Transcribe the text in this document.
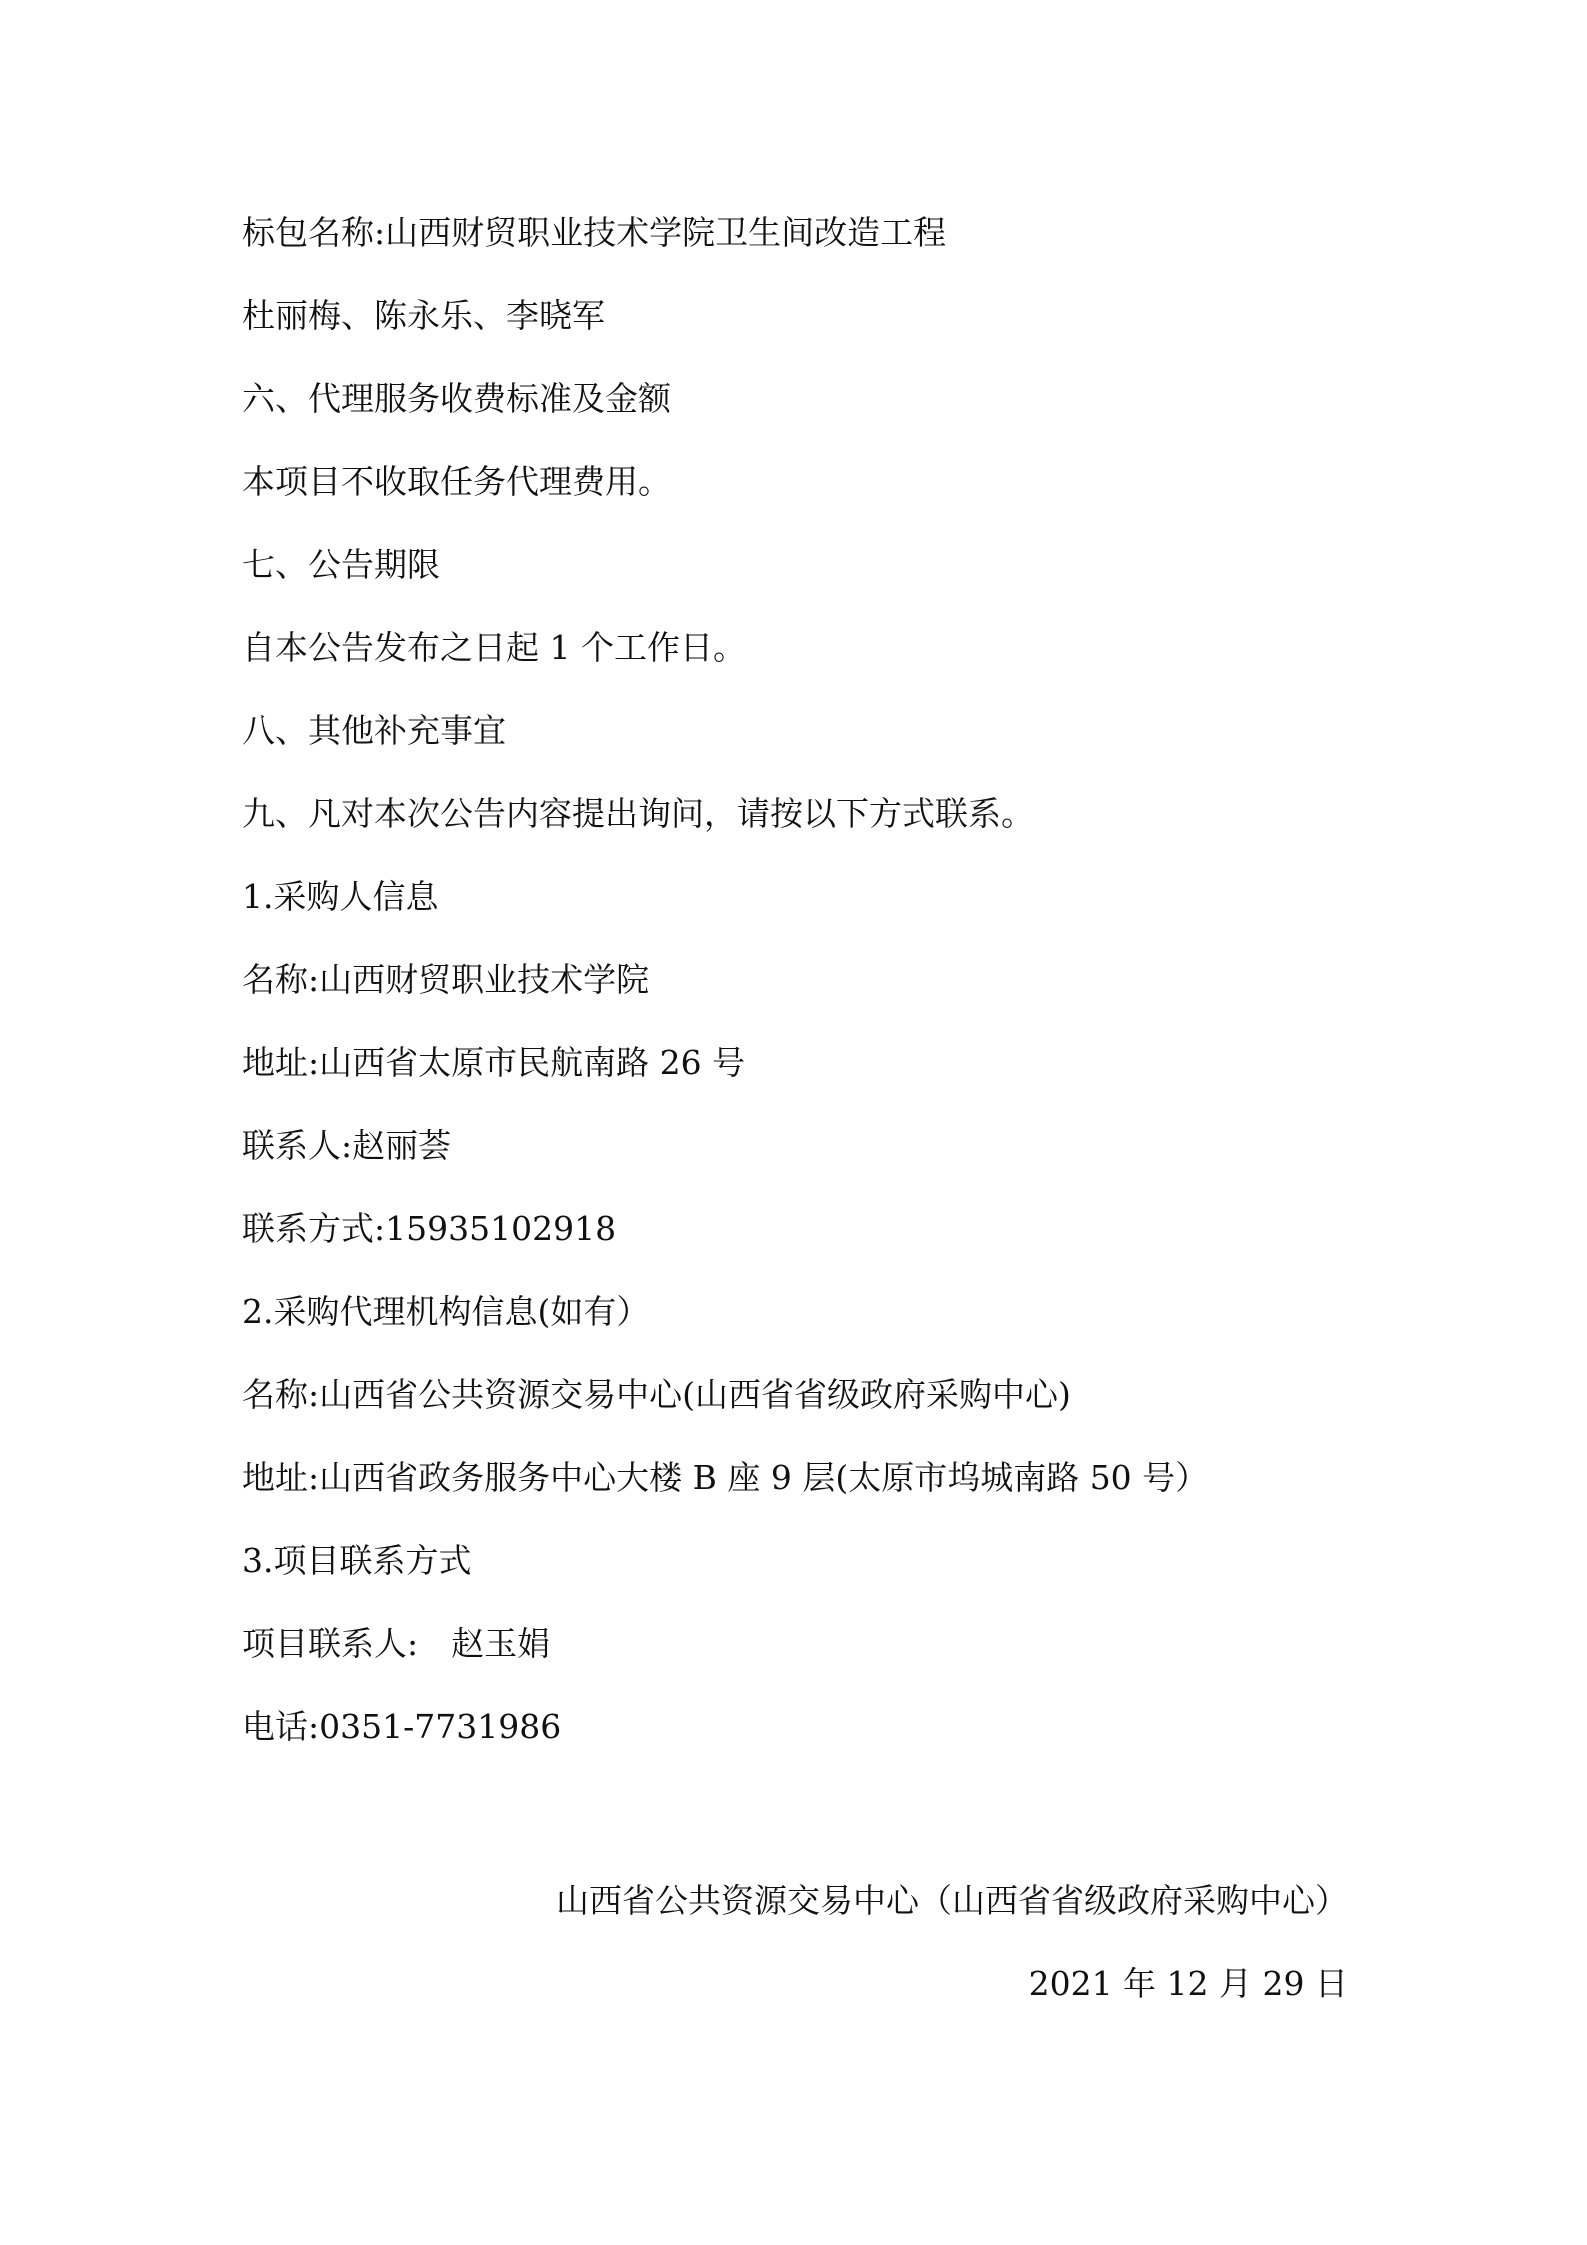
标包名称:山西财贸职业技术学院卫生间改造工程
杜丽梅、陈永乐、李晓军
六、代理服务收费标准及金额
本项目不收取任务代理费用。
七、公告期限
自本公告发布之日起 1 个工作日。
八、其他补充事宜
九、凡对本次公告内容提出询问，请按以下方式联系。
1.采购人信息
名称:山西财贸职业技术学院
地址:山西省太原市民航南路 26 号
联系人:赵丽荟
联系方式:15935102918
2.采购代理机构信息(如有）
名称:山西省公共资源交易中心(山西省省级政府采购中心)
地址:山西省政务服务中心大楼 B 座 9 层(太原市坞城南路 50 号）
3.项目联系方式
项目联系人:　赵玉娟
电话:0351-7731986
山西省公共资源交易中心（山西省省级政府采购中心）
2021 年 12 月 29 日
